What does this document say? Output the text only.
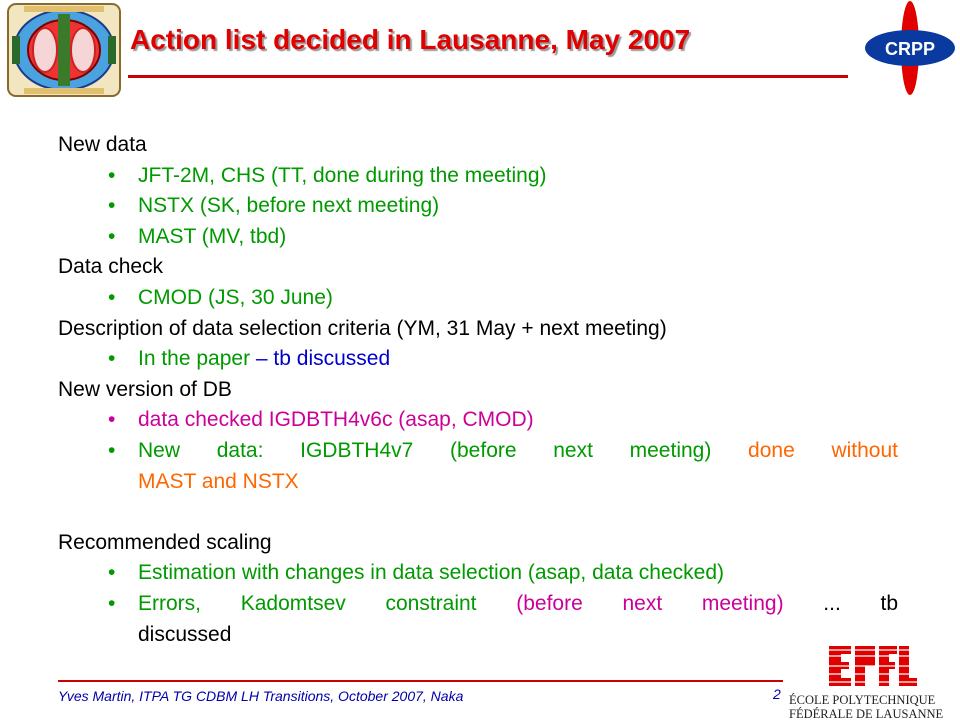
CRPP
Action list decided in Lausanne, May 2007
New data
• JFT-2M, CHS (TT, done during the meeting)
• NSTX (SK, before next meeting)
• MAST (MV, tbd)
Data check
• CMOD (JS, 30 June)
Description of data selection criteria (YM, 31 May + next meeting)
• In the paper – tb discussed
New version of DB
• data checked IGDBTH4v6c (asap, CMOD)
• New data: IGDBTH4v7 (before next meeting) done without
MAST and NSTX
Recommended scaling
• Estimation with changes in data selection (asap, data checked)
• Errors, Kadomtsev constraint (before next meeting) ... tb
discussed
Yves Martin, ITPA TG CDBM LH Transitions, October 2007, Naka	2 ÉCOLE POLYTECHNIQUE
FÉDÉRALE DE LAUSANNE
